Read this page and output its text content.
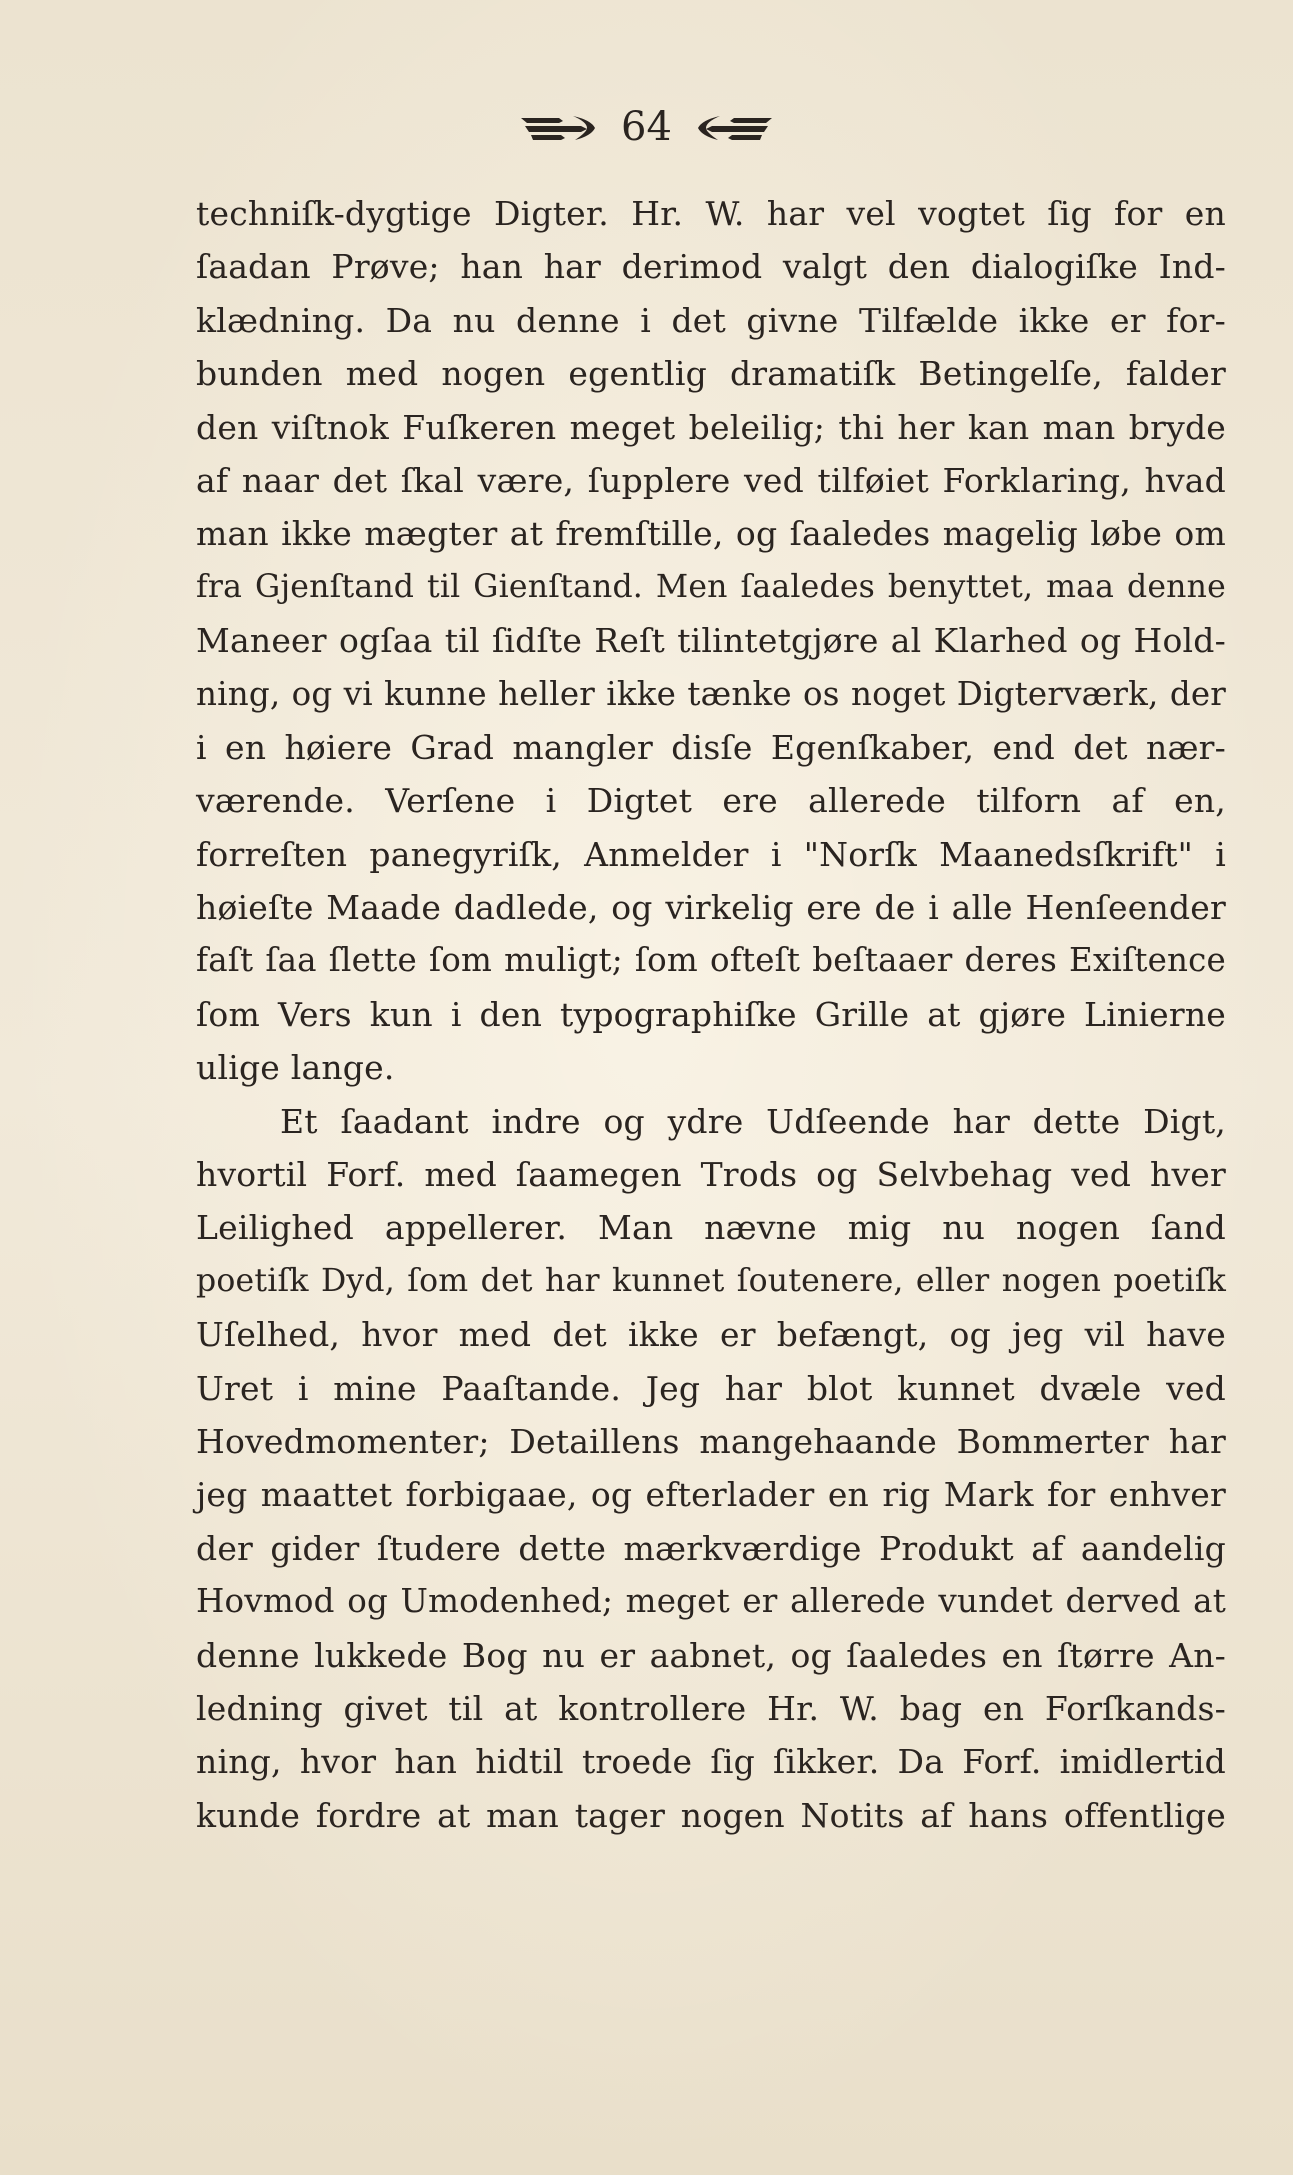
64
techniſk-dygtige Digter. Hr. W. har vel vogtet ſig for en
ſaadan Prøve; han har derimod valgt den dialogiſke Ind-
klædning. Da nu denne i det givne Tilfælde ikke er for-
bunden med nogen egentlig dramatiſk Betingelſe, falder
den viſtnok Fuſkeren meget beleilig; thi her kan man bryde
af naar det ſkal være, ſupplere ved tilføiet Forklaring, hvad
man ikke mægter at fremſtille, og ſaaledes magelig løbe om
fra Gjenſtand til Gienſtand. Men ſaaledes benyttet, maa denne
Maneer ogſaa til ſidſte Reſt tilintetgjøre al Klarhed og Hold-
ning, og vi kunne heller ikke tænke os noget Digterværk, der
i en høiere Grad mangler disſe Egenſkaber, end det nær-
værende. Verſene i Digtet ere allerede tilforn af en,
forreſten panegyriſk, Anmelder i "Norſk Maanedsſkrift" i
høieſte Maade dadlede, og virkelig ere de i alle Henſeender
faſt ſaa ſlette ſom muligt; ſom ofteſt beſtaaer deres Exiſtence
ſom Vers kun i den typographiſke Grille at gjøre Linierne
ulige lange.
Et ſaadant indre og ydre Udſeende har dette Digt,
hvortil Forf. med ſaamegen Trods og Selvbehag ved hver
Leilighed appellerer. Man nævne mig nu nogen ſand
poetiſk Dyd, ſom det har kunnet ſoutenere, eller nogen poetiſk
Uſelhed, hvor med det ikke er befængt, og jeg vil have
Uret i mine Paaſtande. Jeg har blot kunnet dvæle ved
Hovedmomenter; Detaillens mangehaande Bommerter har
jeg maattet forbigaae, og efterlader en rig Mark for enhver
der gider ſtudere dette mærkværdige Produkt af aandelig
Hovmod og Umodenhed; meget er allerede vundet derved at
denne lukkede Bog nu er aabnet, og ſaaledes en ſtørre An-
ledning givet til at kontrollere Hr. W. bag en Forſkands-
ning, hvor han hidtil troede ſig ſikker. Da Forf. imidlertid
kunde fordre at man tager nogen Notits af hans offentlige
